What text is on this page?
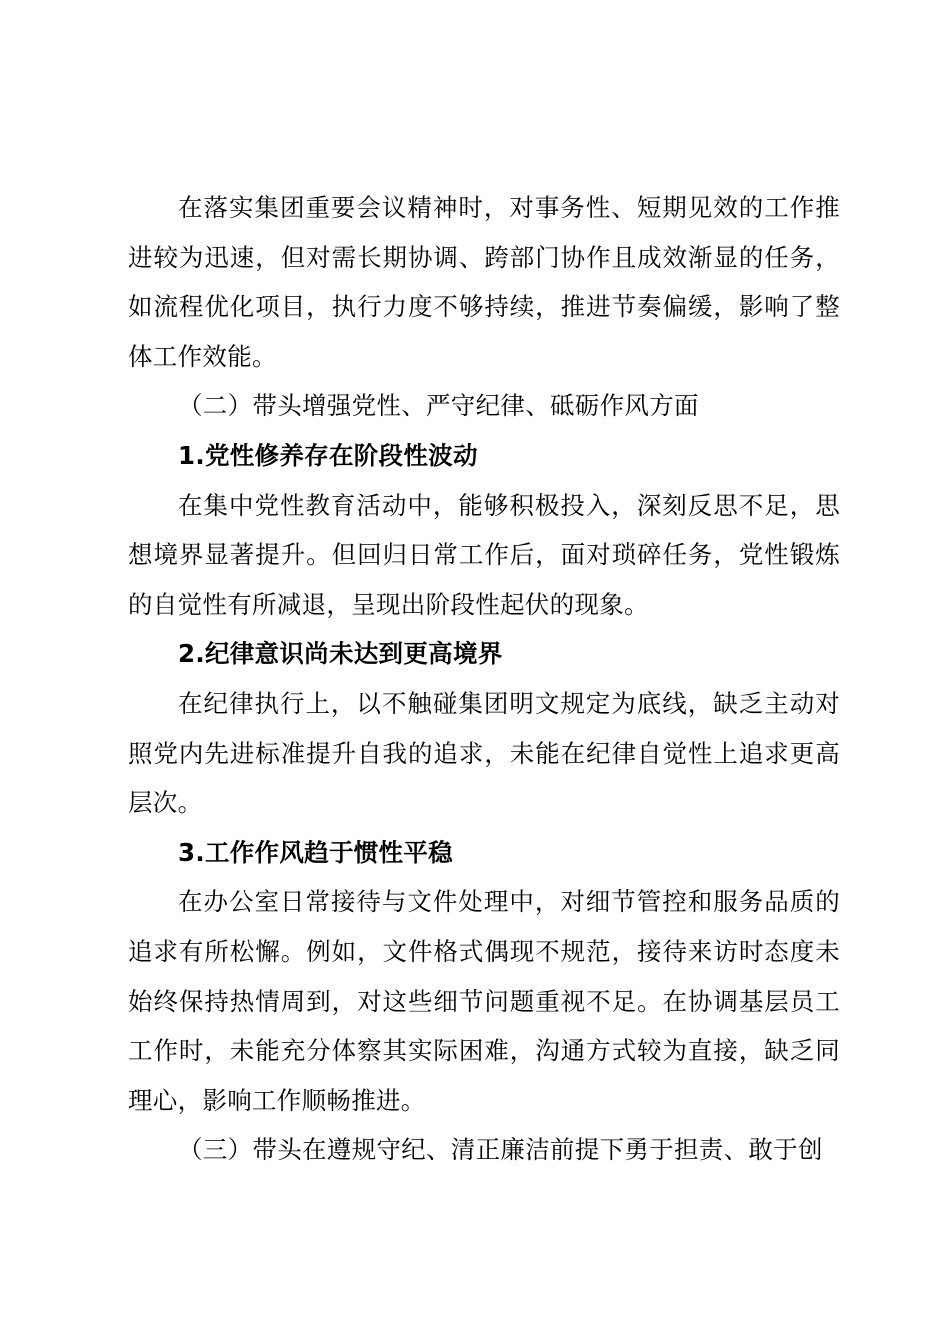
在落实集团重要会议精神时，对事务性、短期见效的工作推进较为迅速，但对需长期协调、跨部门协作且成效渐显的任务，如流程优化项目，执行力度不够持续，推进节奏偏缓，影响了整体工作效能。

（二）带头增强党性、严守纪律、砥砺作风方面

1.党性修养存在阶段性波动

在集中党性教育活动中，能够积极投入，深刻反思不足，思想境界显著提升。但回归日常工作后，面对琐碎任务，党性锻炼的自觉性有所减退，呈现出阶段性起伏的现象。

2.纪律意识尚未达到更高境界

在纪律执行上，以不触碰集团明文规定为底线，缺乏主动对照党内先进标准提升自我的追求，未能在纪律自觉性上追求更高层次。

3.工作作风趋于惯性平稳

在办公室日常接待与文件处理中，对细节管控和服务品质的追求有所松懈。例如，文件格式偶现不规范，接待来访时态度未始终保持热情周到，对这些细节问题重视不足。在协调基层员工工作时，未能充分体察其实际困难，沟通方式较为直接，缺乏同理心，影响工作顺畅推进。

（三）带头在遵规守纪、清正廉洁前提下勇于担责、敢于创
